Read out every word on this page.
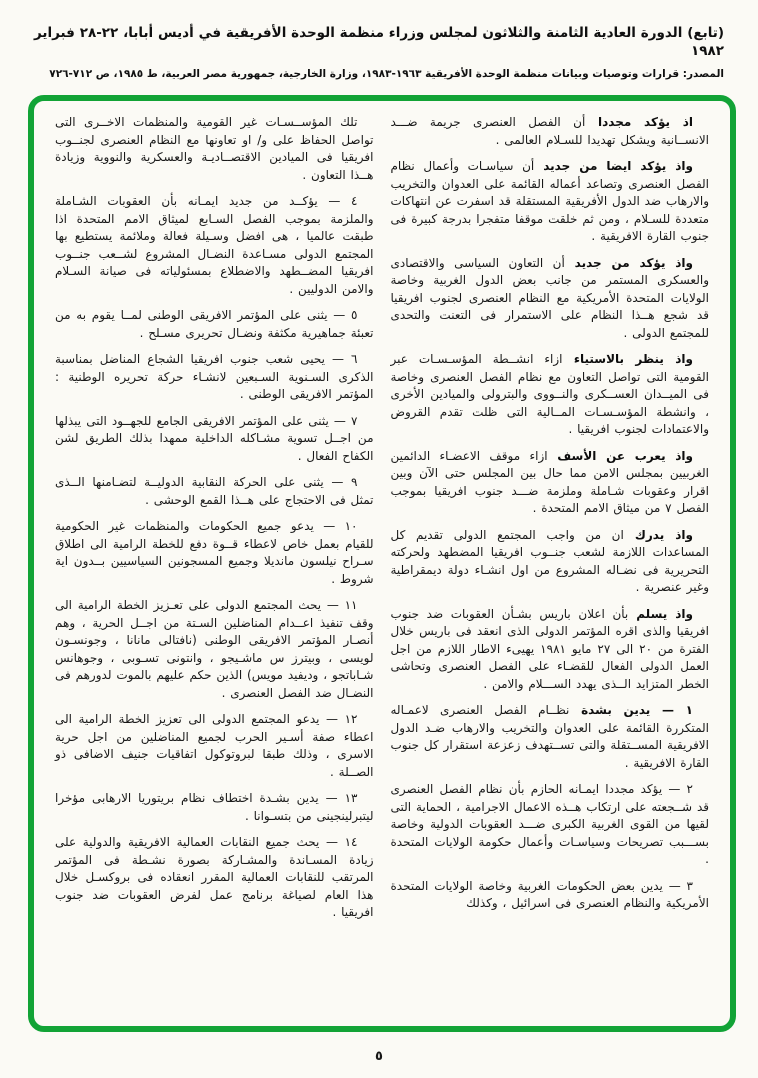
(تابع) الدورة العادية الثامنة والثلاثون لمجلس وزراء منظمة الوحدة الأفريقية في أديس أبابا، ٢٢-٢٨ فبراير ١٩٨٢
المصدر: قرارات وتوصيات وبيانات منظمة الوحدة الأفريقية ١٩٦٣-١٩٨٣، وزارة الخارجية، جمهورية مصر العربية، ط ١٩٨٥، ص ٧١٢-٧٢٦

اذ يؤكد مجددا أن الفصل العنصرى جريمة ضـــد الانســانية ويشكل تهديدا للسـلام العالمى .

واذ يؤكد ايضا من جديد أن سياسـات وأعمال نظام الفصل العنصرى وتصاعد أعماله القائمة على العدوان والتخريب والارهاب ضد الدول الأفريقية المستقلة قد اسفرت عن انتهاكات متعددة للسـلام ، ومن ثم خلقت موقفا متفجرا بدرجة كبيرة فى جنوب القارة الافريقية .

واذ يؤكد من جديد أن التعاون السياسى والاقتصادى والعسكرى المستمر من جانب بعض الدول الغربية وخاصة الولايات المتحدة الأمريكية مع النظام العنصرى لجنوب افريقيا قد شجع هــذا النظام على الاستمرار فى التعنت والتحدى للمجتمع الدولى .

واذ ينظر بالاستياء ازاء انشــطة المؤسـسـات عبر القومية التى تواصل التعاون مع نظام الفصل العنصرى وخاصة فى الميــدان العســكرى والنــووى والبترولى والميادين الأخرى ، وانشطة المؤسـسـات المــالية التى ظلت تقدم القروض والاعتمادات لجنوب افريقيا .

واذ يعرب عن الأسف ازاء موقف الاعضـاء الدائمين الغربيين بمجلس الامن مما حال بين المجلس حتى الآن وبين اقرار وعقوبات شـاملة وملزمة ضـــد جنوب افريقيا بموجب الفصل ٧ من ميثاق الامم المتحدة .

واذ يدرك ان من واجب المجتمع الدولى تقديم كل المساعدات اللازمة لشعب جنــوب افريقيا المضطهد ولحركته التحريرية فى نضـاله المشروع من اول انشـاء دولة ديمقراطية وغير عنصرية .

واذ يسلم بأن اعلان باريس بشـأن العقوبات ضد جنوب افريقيا والذى اقره المؤتمر الدولى الذى انعقد فى باريس خلال الفترة من ٢٠ الى ٢٧ مايو ١٩٨١ يهيىء الاطار اللازم من اجل العمل الدولى الفعال للقضـاء على الفصل العنصرى وتحاشى الخطر المتزايد الــذى يهدد الســـلام والامن .

١ — يدين بشدة نظــام الفصل العنصرى لاعمـاله المتكررة القائمة على العدوان والتخريب والارهاب ضـد الدول الافريقية المســتقلة والتى تســتهدف زعزعة استقرار كل جنوب القارة الافريقية .

٢ — يؤكد مجددا ايمـانه الحازم بأن نظام الفصل العنصرى قد شــجعته على ارتكاب هــذه الاعمال الاجرامية ، الحماية التى لقيها من القوى الغربية الكبرى ضـــد العقوبات الدولية وخاصة بســـبب تصريحات وسياسـات وأعمال حكومة الولايات المتحدة .

٣ — يدين بعض الحكومات الغربية وخاصة الولايات المتحدة الأمريكية والنظام العنصرى فى اسرائيل ، وكذلك

تلك المؤســسـات غير القومية والمنظمات الاخــرى التى تواصل الحفاظ على و/ او تعاونها مع النظام العنصرى لجنــوب افريقيا فى الميادين الاقتصــاديـة والعسكرية والنووية وزيادة هــذا التعاون .

٤ — يؤكــد من جديد ايمـانه بأن العقوبات الشـاملة والملزمة بموجب الفصل السـابع لميثاق الامم المتحدة اذا طبقت عالميا ، هى افضل وسـيلة فعالة وملائمة يستطيع بها المجتمع الدولى مسـاعدة النضـال المشروع لشــعب جنــوب افريقيا المضــطهد والاضطلاع بمسئولياته فى صيانة السـلام والامن الدوليين .

٥ — يثنى على المؤتمر الافريقى الوطنى لمــا يقوم به من تعبئة جماهيرية مكثفة ونضـال تحريرى مسـلح .

٦ — يحيى شعب جنوب افريقيا الشجاع المناضل بمناسبة الذكرى السـنوية السـبعين لانشـاء حركة تحريره الوطنية : المؤتمر الافريقى الوطنى .

٧ — يثنى على المؤتمر الافريقى الجامع للجهــود التى يبذلها من اجــل تسوية مشـاكله الداخلية ممهدا بذلك الطريق لشن الكفاح الفعال .

٩ — يثنى على الحركة النقابية الدوليــة لتضـامنها الــذى تمثل فى الاحتجاج على هــذا القمع الوحشى .

١٠ — يدعو جميع الحكومات والمنظمات غير الحكومية للقيام بعمل خاص لاعطاء قــوة دفع للخطة الرامية الى اطلاق سـراح نيلسون مانديلا وجميع المسجونين السياسيين بــدون اية شروط .

١١ — يحث المجتمع الدولى على تعـزيز الخطة الرامية الى وقف تنفيذ اعــدام المناضلين السـتة من اجــل الحرية ، وهم أنصـار المؤتمر الافريقى الوطنى (نافتالى مانانا ، وجونسـون لويسى ، وبيترز س ماشـيجو ، وانتونى تسـوبى ، وجوهانس شـاباتجو ، وديفيد مويس) الذين حكم عليهم بالموت لدورهم فى النضـال ضد الفصل العنصرى .

١٢ — يدعو المجتمع الدولى الى تعزيز الخطة الرامية الى اعطاء صفة أسـير الحرب لجميع المناضلين من اجل حرية الاسرى ، وذلك طبقا لبروتوكول اتفاقيات جنيف الاضافى ذو الصــلة .

١٣ — يدين بشـدة اختطاف نظام بريتوريا الارهابى مؤخرا ليتبرلينجينى من بتسـوانا .

١٤ — يحث جميع النقابات العمالية الافريقية والدولية على زيادة المسـاندة والمشـاركة بصورة نشـطة فى المؤتمر المرتقب للنقابات العمالية المقرر انعقاده فى بروكسـل خلال هذا العام لصياغة برنامج عمل لفرض العقوبات ضد جنوب افريقيا .

٥
